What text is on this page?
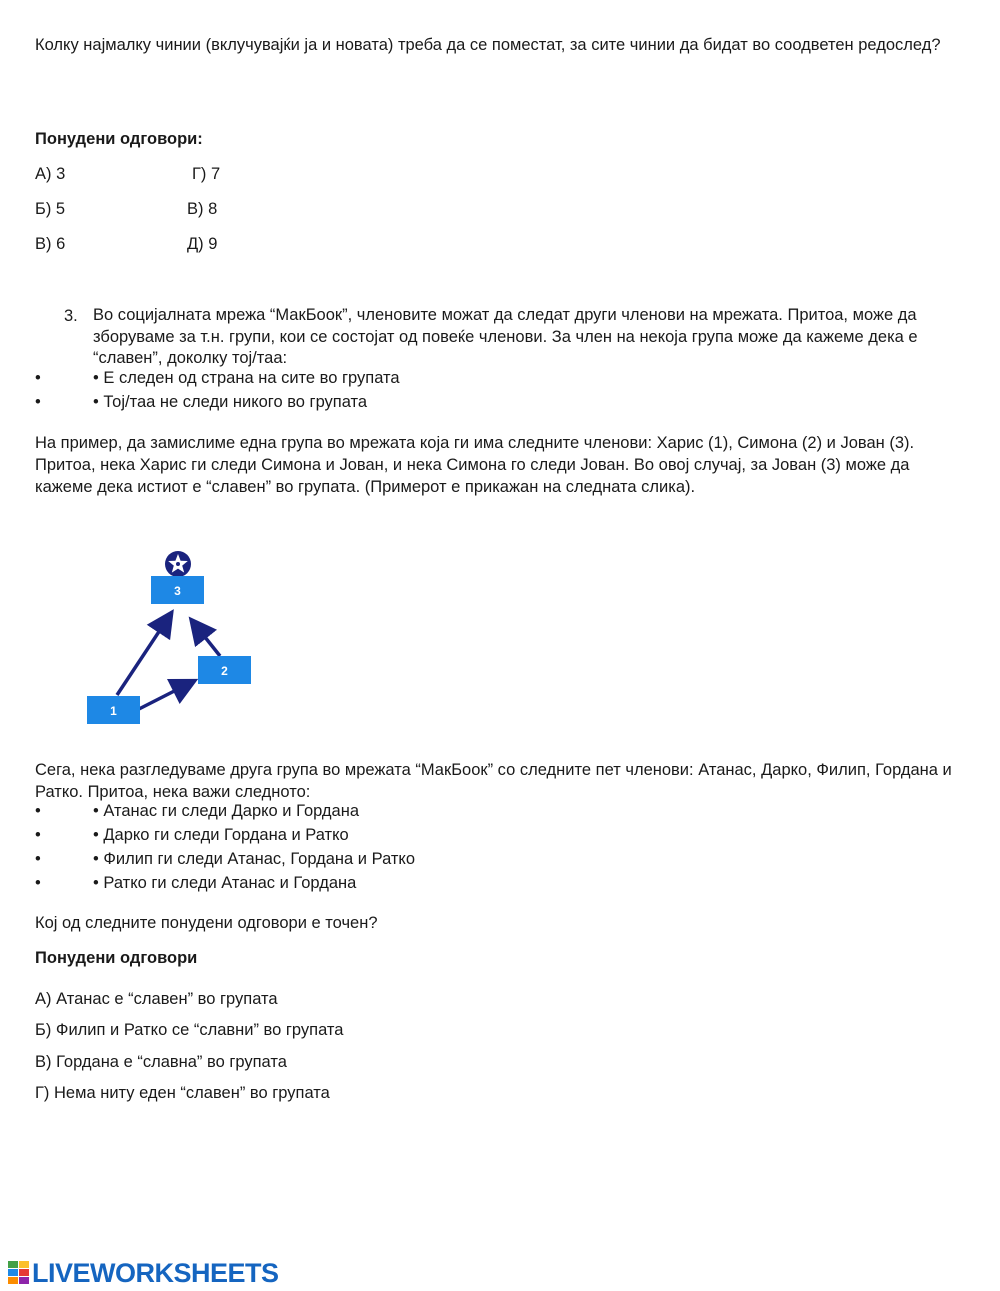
Колку најмалку чинии (вклучувајќи ја и новата) треба да се поместат, за сите чинии да бидат во соодветен редослед?
Понудени одговори:
А) 3	Г) 7
Б) 5	В) 8
В) 6	Д) 9
3. Во социјалната мрежа “МакБоок”, членовите можат да следат други членови на мрежата. Притоа, може да зборуваме за т.н. групи, кои се состојат од повеќе членови. За член на некоја група може да кажеме дека е “славен”, доколку тој/таа:
•	• Е следен од страна на сите во групата
•	• Тој/таа не следи никого во групата
На пример, да замислиме една група во мрежата која ги има следните членови: Харис (1), Симона (2) и Јован (3). Притоа, нека Харис ги следи Симона и Јован, и нека Симона го следи Јован. Во овој случај, за Јован (3) може да кажеме дека истиот е “славен” во групата. (Примерот е прикажан на следната слика).
3
2
1
Сега, нека разгледуваме друга група во мрежата “МакБоок” со следните пет членови: Атанас, Дарко, Филип, Гордана и Ратко. Притоа, нека важи следното:
•	• Атанас ги следи Дарко и Гордана
•	• Дарко ги следи Гордана и Ратко
•	• Филип ги следи Атанас, Гордана и Ратко
•	• Ратко ги следи Атанас и Гордана
Кој од следните понудени одговори е точен?
Понудени одговори
А) Атанас е “славен” во групата
Б) Филип и Ратко се “славни” во групата
В) Гордана е “славна” во групата
Г) Нема ниту еден “славен” во групата
LIVEWORKSHEETS
